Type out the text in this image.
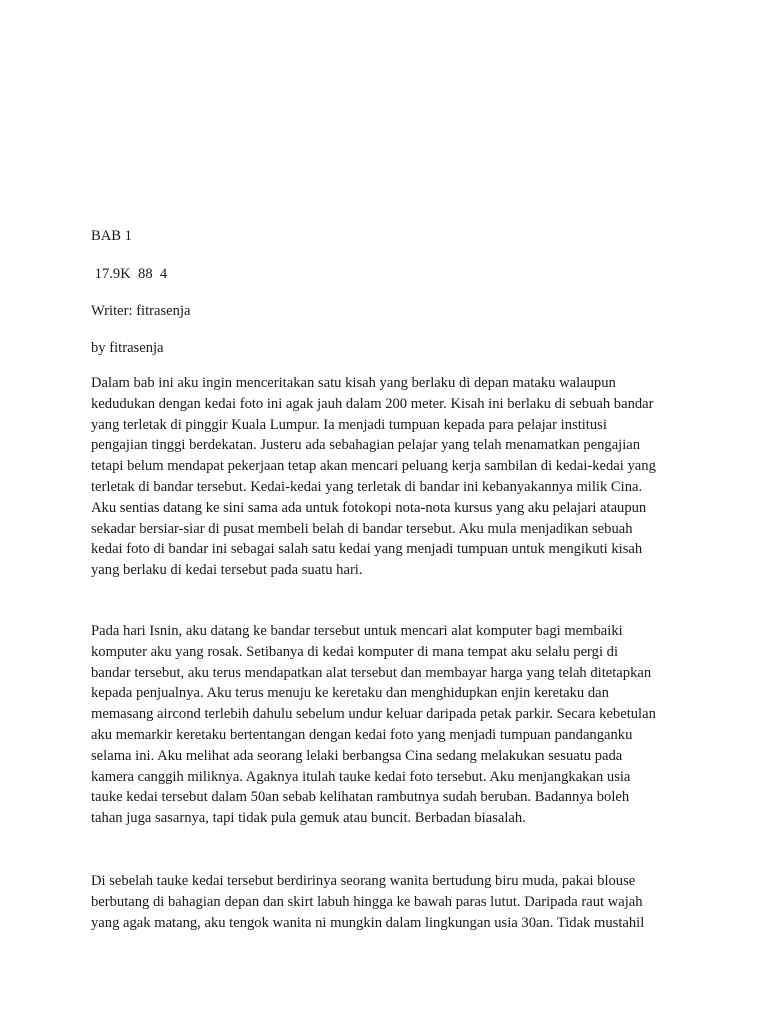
BAB 1

17.9K  88  4

Writer: fitrasenja

by fitrasenja

Dalam bab ini aku ingin menceritakan satu kisah yang berlaku di depan mataku walaupun
kedudukan dengan kedai foto ini agak jauh dalam 200 meter. Kisah ini berlaku di sebuah bandar
yang terletak di pinggir Kuala Lumpur. Ia menjadi tumpuan kepada para pelajar institusi
pengajian tinggi berdekatan. Justeru ada sebahagian pelajar yang telah menamatkan pengajian
tetapi belum mendapat pekerjaan tetap akan mencari peluang kerja sambilan di kedai-kedai yang
terletak di bandar tersebut. Kedai-kedai yang terletak di bandar ini kebanyakannya milik Cina.
Aku sentias datang ke sini sama ada untuk fotokopi nota-nota kursus yang aku pelajari ataupun
sekadar bersiar-siar di pusat membeli belah di bandar tersebut. Aku mula menjadikan sebuah
kedai foto di bandar ini sebagai salah satu kedai yang menjadi tumpuan untuk mengikuti kisah
yang berlaku di kedai tersebut pada suatu hari.
Pada hari Isnin, aku datang ke bandar tersebut untuk mencari alat komputer bagi membaiki
komputer aku yang rosak. Setibanya di kedai komputer di mana tempat aku selalu pergi di
bandar tersebut, aku terus mendapatkan alat tersebut dan membayar harga yang telah ditetapkan
kepada penjualnya. Aku terus menuju ke keretaku dan menghidupkan enjin keretaku dan
memasang aircond terlebih dahulu sebelum undur keluar daripada petak parkir. Secara kebetulan
aku memarkir keretaku bertentangan dengan kedai foto yang menjadi tumpuan pandanganku
selama ini. Aku melihat ada seorang lelaki berbangsa Cina sedang melakukan sesuatu pada
kamera canggih miliknya. Agaknya itulah tauke kedai foto tersebut. Aku menjangkakan usia
tauke kedai tersebut dalam 50an sebab kelihatan rambutnya sudah beruban. Badannya boleh
tahan juga sasarnya, tapi tidak pula gemuk atau buncit. Berbadan biasalah.
Di sebelah tauke kedai tersebut berdirinya seorang wanita bertudung biru muda, pakai blouse
berbutang di bahagian depan dan skirt labuh hingga ke bawah paras lutut. Daripada raut wajah
yang agak matang, aku tengok wanita ni mungkin dalam lingkungan usia 30an. Tidak mustahil
